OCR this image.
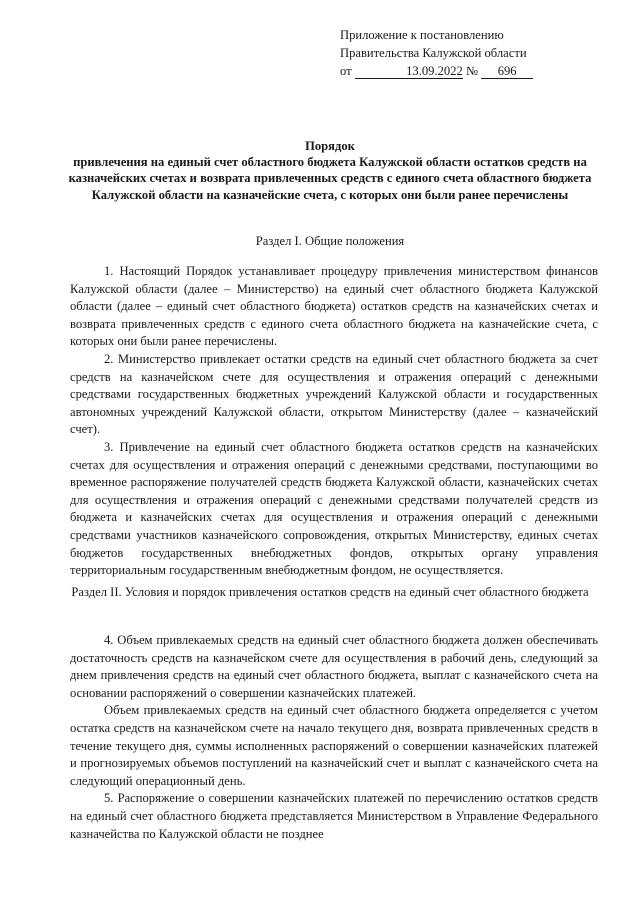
Приложение к постановлению
Правительства Калужской области
от	13.09.2022 № 696
Порядок
привлечения на единый счет областного бюджета Калужской области остатков средств на казначейских счетах и возврата привлеченных средств с единого счета областного бюджета Калужской области на казначейские счета, с которых они были ранее перечислены
Раздел I. Общие положения

1. Настоящий Порядок устанавливает процедуру привлечения министерством финансов Калужской области (далее – Министерство) на единый счет областного бюджета Калужской области (далее – единый счет областного бюджета) остатков средств на казначейских счетах и возврата привлеченных средств с единого счета областного бюджета на казначейские счета, с которых они были ранее перечислены.

2. Министерство привлекает остатки средств на единый счет областного бюджета за счет средств на казначейском счете для осуществления и отражения операций с денежными средствами государственных бюджетных учреждений Калужской области и государственных автономных учреждений Калужской области, открытом Министерству (далее – казначейский счет).

3. Привлечение на единый счет областного бюджета остатков средств на казначейских счетах для осуществления и отражения операций с денежными средствами, поступающими во временное распоряжение получателей средств бюджета Калужской области, казначейских счетах для осуществления и отражения операций с денежными средствами получателей средств из бюджета и казначейских счетах для осуществления и отражения операций с денежными средствами участников казначейского сопровождения, открытых Министерству, единых счетах бюджетов государственных внебюджетных фондов, открытых органу управления территориальным государственным внебюджетным фондом, не осуществляется.

Раздел II. Условия и порядок привлечения остатков средств на единый счет областного бюджета

4. Объем привлекаемых средств на единый счет областного бюджета должен обеспечивать достаточность средств на казначейском счете для осуществления в рабочий день, следующий за днем привлечения средств на единый счет областного бюджета, выплат с казначейского счета на основании распоряжений о совершении казначейских платежей.

Объем привлекаемых средств на единый счет областного бюджета определяется с учетом остатка средств на казначейском счете на начало текущего дня, возврата привлеченных средств в течение текущего дня, суммы исполненных распоряжений о совершении казначейских платежей и прогнозируемых объемов поступлений на казначейский счет и выплат с казначейского счета на следующий операционный день.

5. Распоряжение о совершении казначейских платежей по перечислению остатков средств на единый счет областного бюджета представляется Министерством в Управление Федерального казначейства по Калужской области не позднее
